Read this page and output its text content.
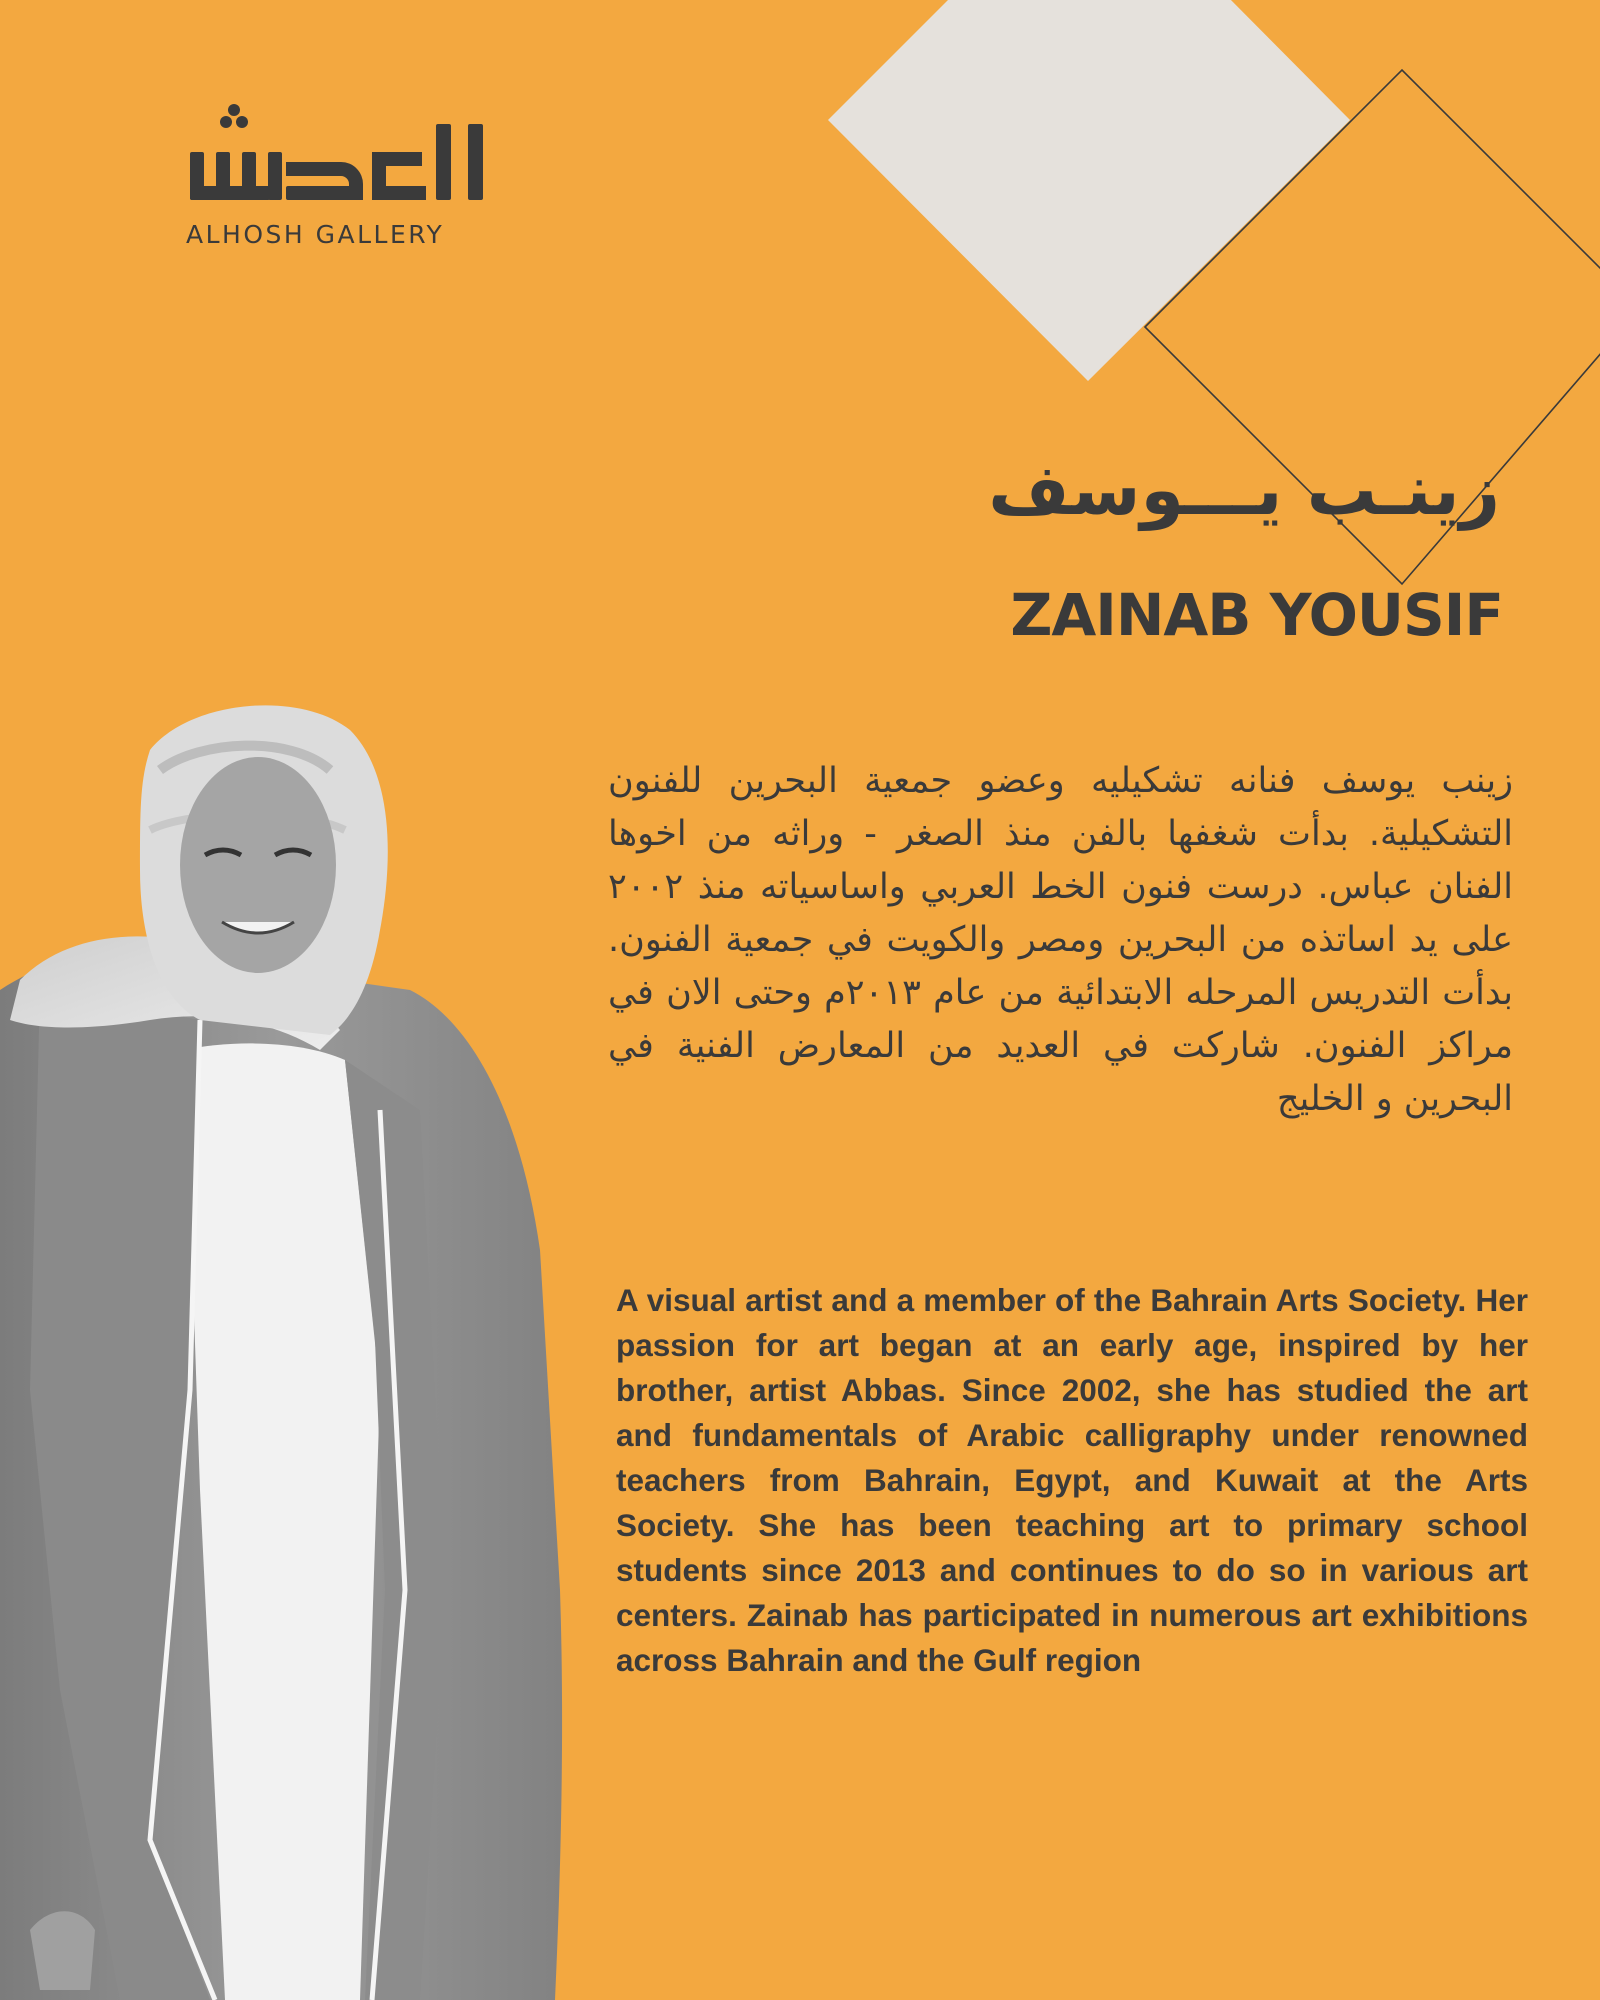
ALHOSH GALLERY
زينـب يـــوسف
ZAINAB YOUSIF

زينب يوسف فنانه تشكيليه وعضو جمعية البحرين للفنون التشكيلية. بدأت شغفها بالفن منذ الصغر - وراثه من اخوها الفنان عباس. درست فنون الخط العربي واساسياته منذ ٢٠٠٢ على يد اساتذه من البحرين ومصر والكويت في جمعية الفنون. بدأت التدريس المرحله الابتدائية من عام ٢٠١٣م وحتى الان في مراكز الفنون. شاركت في العديد من المعارض الفنية في البحرين و الخليج

A visual artist and a member of the Bahrain Arts Society. Her passion for art began at an early age, inspired by her brother, artist Abbas. Since 2002, she has studied the art and fundamentals of Arabic calligraphy under renowned teachers from Bahrain, Egypt, and Kuwait at the Arts Society. She has been teaching art to primary school students since 2013 and continues to do so in various art centers. Zainab has participated in numerous art exhibitions across Bahrain and the Gulf region
